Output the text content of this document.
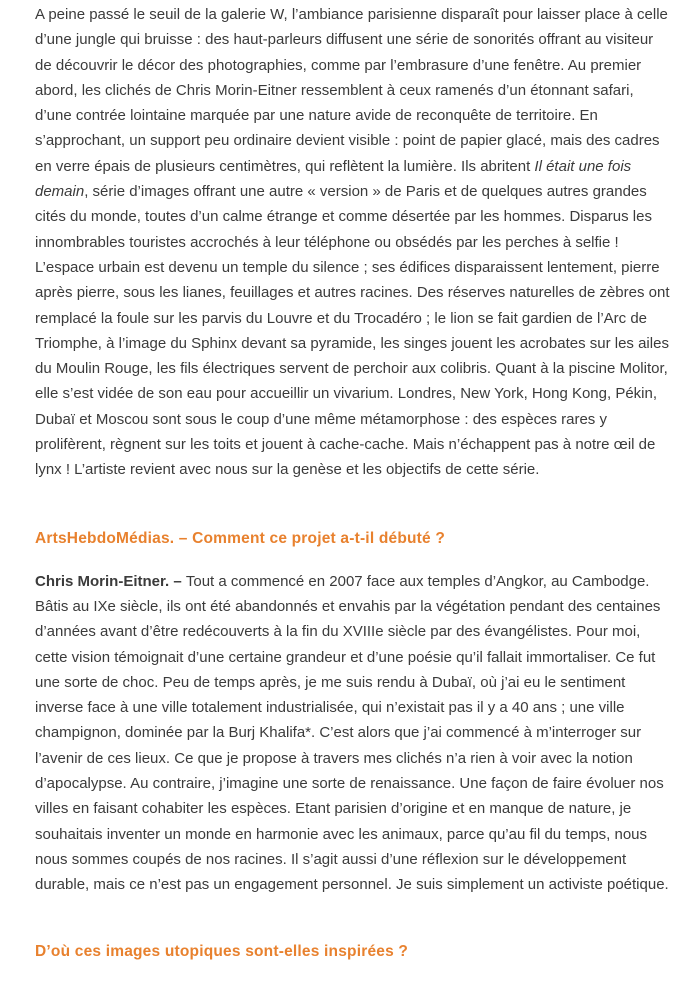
A peine passé le seuil de la galerie W, l’ambiance parisienne disparaît pour laisser place à celle
d’une jungle qui bruisse : des haut-parleurs diffusent une série de sonorités offrant au visiteur
de découvrir le décor des photographies, comme par l’embrasure d’une fenêtre. Au premier
abord, les clichés de Chris Morin-Eitner ressemblent à ceux ramenés d’un étonnant safari,
d’une contrée lointaine marquée par une nature avide de reconquête de territoire. En
s’approchant, un support peu ordinaire devient visible : point de papier glacé, mais des cadres
en verre épais de plusieurs centimètres, qui reflètent la lumière. Ils abritent Il était une fois
demain, série d’images offrant une autre « version » de Paris et de quelques autres grandes
cités du monde, toutes d’un calme étrange et comme désertée par les hommes. Disparus les
innombrables touristes accrochés à leur téléphone ou obsédés par les perches à selfie !
L’espace urbain est devenu un temple du silence ; ses édifices disparaissent lentement, pierre
après pierre, sous les lianes, feuillages et autres racines. Des réserves naturelles de zèbres ont
remplacé la foule sur les parvis du Louvre et du Trocadéro ; le lion se fait gardien de l’Arc de
Triomphe, à l’image du Sphinx devant sa pyramide, les singes jouent les acrobates sur les ailes
du Moulin Rouge, les fils électriques servent de perchoir aux colibris. Quant à la piscine Molitor,
elle s’est vidée de son eau pour accueillir un vivarium. Londres, New York, Hong Kong, Pékin,
Dubaï et Moscou sont sous le coup d’une même métamorphose : des espèces rares y
prolifèrent, règnent sur les toits et jouent à cache-cache. Mais n’échappent pas à notre œil de
lynx ! L’artiste revient avec nous sur la genèse et les objectifs de cette série.

ArtsHebdoMédias. – Comment ce projet a-t-il débuté ?

Chris Morin-Eitner. – Tout a commencé en 2007 face aux temples d’Angkor, au Cambodge.
Bâtis au IXe siècle, ils ont été abandonnés et envahis par la végétation pendant des centaines
d’années avant d’être redécouverts à la fin du XVIIIe siècle par des évangélistes. Pour moi,
cette vision témoignait d’une certaine grandeur et d’une poésie qu’il fallait immortaliser. Ce fut
une sorte de choc. Peu de temps après, je me suis rendu à Dubaï, où j’ai eu le sentiment
inverse face à une ville totalement industrialisée, qui n’existait pas il y a 40 ans ; une ville
champignon, dominée par la Burj Khalifa*. C’est alors que j’ai commencé à m’interroger sur
l’avenir de ces lieux. Ce que je propose à travers mes clichés n’a rien à voir avec la notion
d’apocalypse. Au contraire, j’imagine une sorte de renaissance. Une façon de faire évoluer nos
villes en faisant cohabiter les espèces. Etant parisien d’origine et en manque de nature, je
souhaitais inventer un monde en harmonie avec les animaux, parce qu’au fil du temps, nous
nous sommes coupés de nos racines. Il s’agit aussi d’une réflexion sur le développement
durable, mais ce n’est pas un engagement personnel. Je suis simplement un activiste poétique.

D’où ces images utopiques sont-elles inspirées ?
